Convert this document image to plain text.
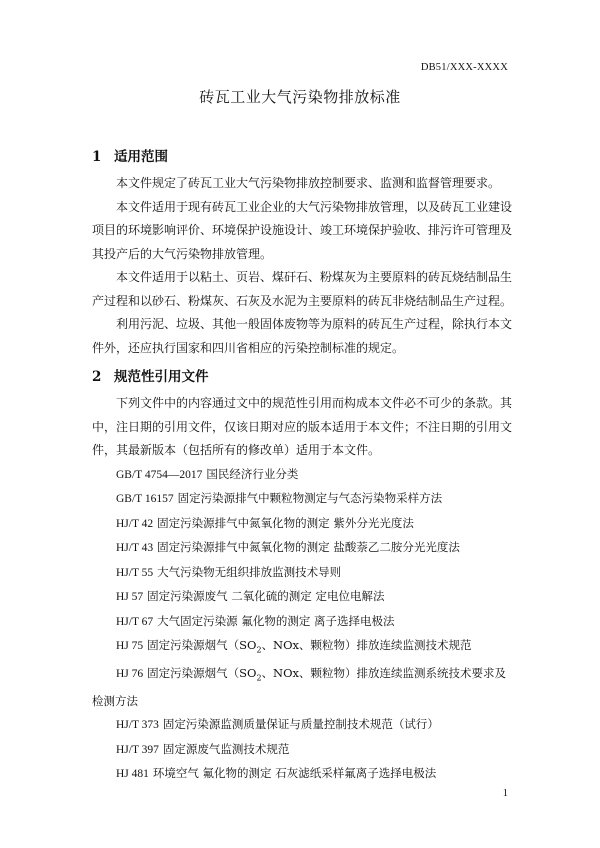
DB51/XXX-XXXX
砖瓦工业大气污染物排放标准
1 适用范围

本文件规定了砖瓦工业大气污染物排放控制要求、监测和监督管理要求。

本文件适用于现有砖瓦工业企业的大气污染物排放管理，以及砖瓦工业建设项目的环境影响评价、环境保护设施设计、竣工环境保护验收、排污许可管理及其投产后的大气污染物排放管理。

本文件适用于以粘土、页岩、煤矸石、粉煤灰为主要原料的砖瓦烧结制品生产过程和以砂石、粉煤灰、石灰及水泥为主要原料的砖瓦非烧结制品生产过程。

利用污泥、垃圾、其他一般固体废物等为原料的砖瓦生产过程，除执行本文件外，还应执行国家和四川省相应的污染控制标准的规定。

2 规范性引用文件

下列文件中的内容通过文中的规范性引用而构成本文件必不可少的条款。其中，注日期的引用文件，仅该日期对应的版本适用于本文件；不注日期的引用文件，其最新版本（包括所有的修改单）适用于本文件。

GB/T 4754—2017 国民经济行业分类
GB/T 16157 固定污染源排气中颗粒物测定与气态污染物采样方法
HJ/T 42 固定污染源排气中氮氧化物的测定 紫外分光光度法
HJ/T 43 固定污染源排气中氮氧化物的测定 盐酸萘乙二胺分光光度法
HJ/T 55 大气污染物无组织排放监测技术导则
HJ 57 固定污染源废气 二氧化硫的测定 定电位电解法
HJ/T 67 大气固定污染源 氟化物的测定 离子选择电极法
HJ 75 固定污染源烟气（$SO_2$、NOx、颗粒物）排放连续监测技术规范
HJ 76 固定污染源烟气（$SO_2$、NOx、颗粒物）排放连续监测系统技术要求及检测方法
HJ/T 373 固定污染源监测质量保证与质量控制技术规范（试行）
HJ/T 397 固定源废气监测技术规范
HJ 481 环境空气 氟化物的测定 石灰滤纸采样氟离子选择电极法
1
